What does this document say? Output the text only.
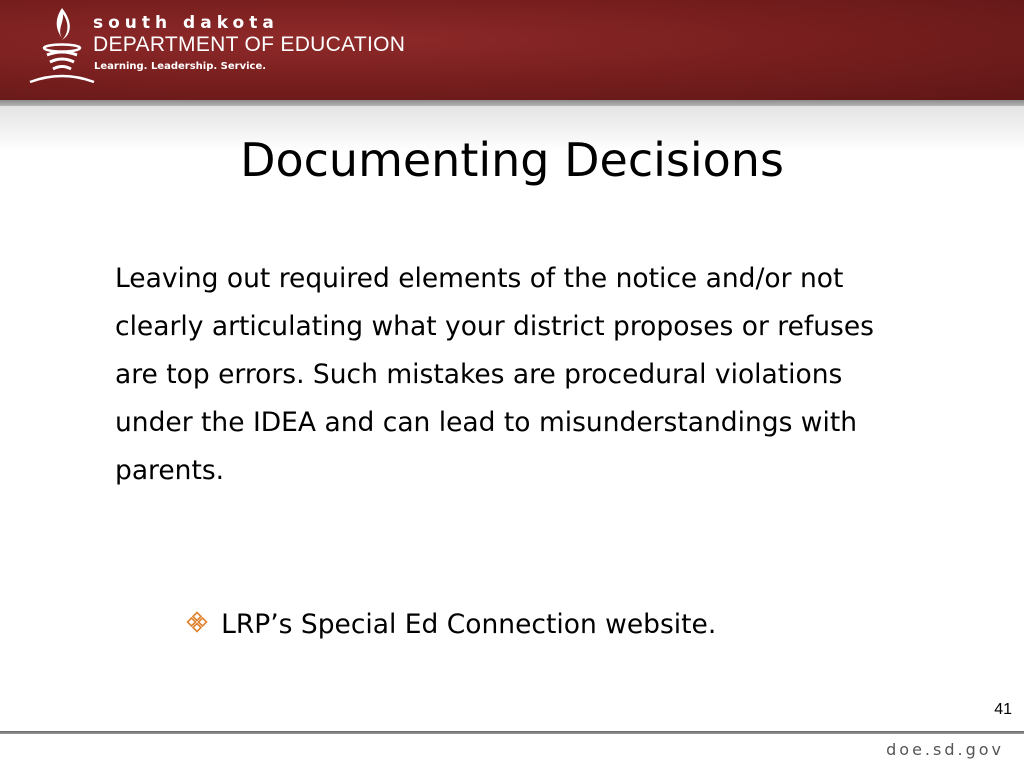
south dakota
DEPARTMENT OF EDUCATION
Learning. Leadership. Service.
Documenting Decisions

Leaving out required elements of the notice and/or not clearly articulating what your district proposes or refuses are top errors. Such mistakes are procedural violations under the IDEA and can lead to misunderstandings with parents.

LRP’s Special Ed Connection website.
41
doe.sd.gov
